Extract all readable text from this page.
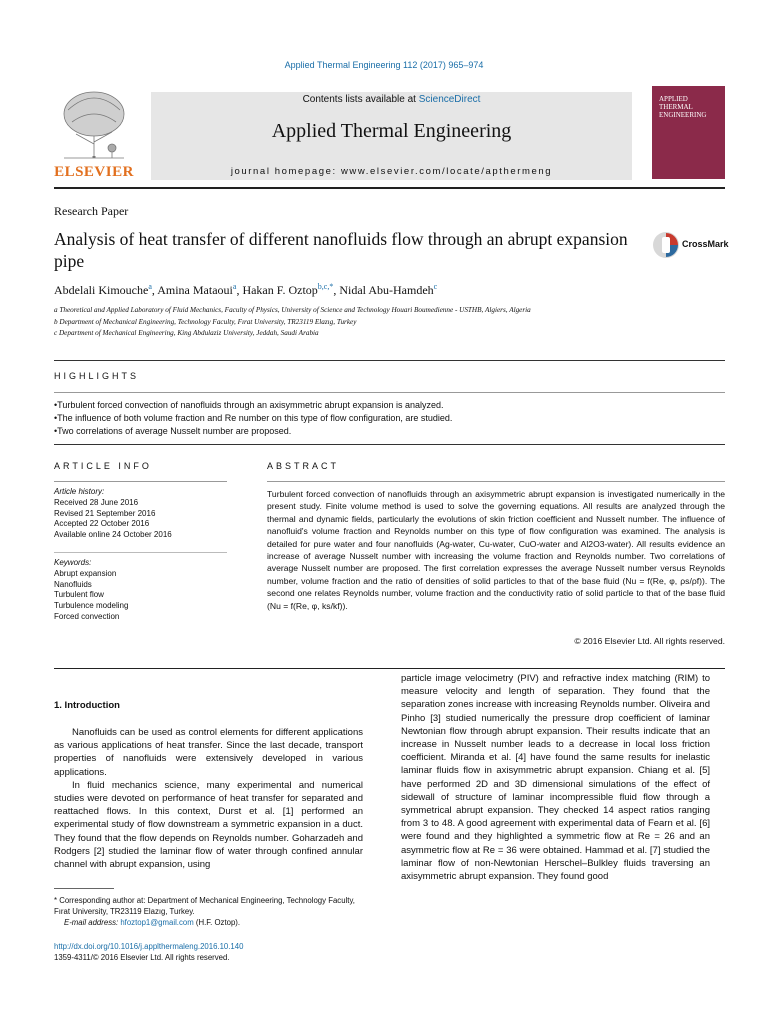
Applied Thermal Engineering 112 (2017) 965–974
ELSEVIER
Contents lists available at ScienceDirect
Applied Thermal Engineering
journal homepage: www.elsevier.com/locate/apthermeng
APPLIED THERMAL ENGINEERING
Research Paper
Analysis of heat transfer of different nanofluids flow through an abrupt expansion pipe
CrossMark
Abdelali Kimouche$^a$, Amina Mataoui$^a$, Hakan F. Oztop$^{b,c,*}$, Nidal Abu-Hamdeh$^c$
a Theoretical and Applied Laboratory of Fluid Mechanics, Faculty of Physics, University of Science and Technology Houari Boumedienne - USTHB, Algiers, Algeria
b Department of Mechanical Engineering, Technology Faculty, Fırat University, TR23119 Elazıg, Turkey
c Department of Mechanical Engineering, King Abdulaziz University, Jeddah, Saudi Arabia
HIGHLIGHTS
• Turbulent forced convection of nanofluids through an axisymmetric abrupt expansion is analyzed.
• The influence of both volume fraction and Re number on this type of flow configuration, are studied.
• Two correlations of average Nusselt number are proposed.
ARTICLE INFO
Article history:
Received 28 June 2016
Revised 21 September 2016
Accepted 22 October 2016
Available online 24 October 2016
Keywords:
Abrupt expansion
Nanofluids
Turbulent flow
Turbulence modeling
Forced convection
ABSTRACT
Turbulent forced convection of nanofluids through an axisymmetric abrupt expansion is investigated numerically in the present study. Finite volume method is used to solve the governing equations. All results are analyzed through the thermal and dynamic fields, particularly the evolutions of skin friction coefficient and Nusselt number. The influence of nanofluid's volume fraction and Reynolds number on this type of flow configuration was examined. The analysis is detailed for pure water and four nanofluids (Ag-water, Cu-water, CuO-water and Al2O3-water). All results evidence an increase of average Nusselt number with increasing the volume fraction and Reynolds number. Two correlations of average Nusselt number are proposed. The first correlation expresses the average Nusselt number versus Reynolds number, volume fraction and the ratio of densities of solid particles to that of the base fluid (Nu = f(Re, φ, ρs/ρf)). The second one relates Reynolds number, volume fraction and the conductivity ratio of solid particle to that of the base fluid (Nu = f(Re, φ, ks/kf)).
© 2016 Elsevier Ltd. All rights reserved.
1. Introduction

Nanofluids can be used as control elements for different applications as various applications of heat transfer. Since the last decade, transport properties of nanofluids were extensively developed in various applications.

In fluid mechanics science, many experimental and numerical studies were devoted on performance of heat transfer for separated and reattached flows. In this context, Durst et al. [1] performed an experimental study of flow downstream a symmetric expansion in a duct. They found that the flow depends on Reynolds number. Goharzadeh and Rodgers [2] studied the laminar flow of water through confined annular channel with abrupt expansion, using

particle image velocimetry (PIV) and refractive index matching (RIM) to measure velocity and length of separation. They found that the separation zones increase with increasing Reynolds number. Oliveira and Pinho [3] studied numerically the pressure drop coefficient of laminar Newtonian flow through abrupt expansion. Their results indicate that an increase in Nusselt number leads to a decrease in local loss friction coefficient. Miranda et al. [4] have found the same results for inelastic laminar fluids flow in axisymmetric abrupt expansion. Chiang et al. [5] have performed 2D and 3D dimensional simulations of the effect of sidewall of structure of laminar incompressible fluid flow through a symmetrical abrupt expansion. They checked 14 aspect ratios ranging from 3 to 48. A good agreement with experimental data of Fearn et al. [6] were found and they highlighted a symmetric flow at Re = 26 and an asymmetric flow at Re = 36 were obtained. Hammad et al. [7] studied the laminar flow of non-Newtonian Herschel–Bulkley fluids traversing an axisymmetric abrupt expansion. They found good

* Corresponding author at: Department of Mechanical Engineering, Technology Faculty, Fırat University, TR23119 Elazıg, Turkey.
E-mail address: hfoztop1@gmail.com (H.F. Oztop).
http://dx.doi.org/10.1016/j.applthermaleng.2016.10.140
1359-4311/© 2016 Elsevier Ltd. All rights reserved.
